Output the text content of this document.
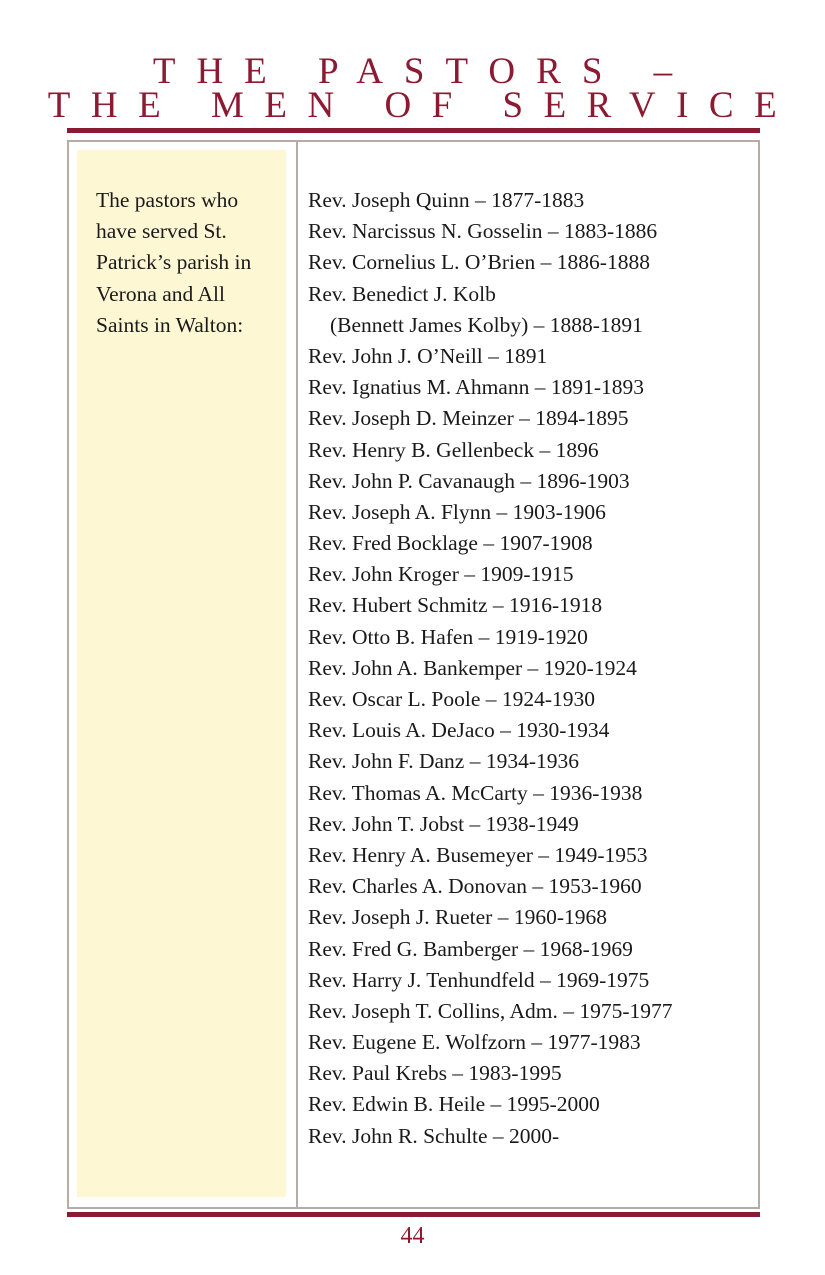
THE PASTORS –
THE MEN OF SERVICE
The pastors who have served St. Patrick’s parish in Verona and All Saints in Walton:
Rev. Joseph Quinn – 1877-1883
Rev. Narcissus N. Gosselin – 1883-1886
Rev. Cornelius L. O’Brien – 1886-1888
Rev. Benedict J. Kolb
(Bennett James Kolby) – 1888-1891
Rev. John J. O’Neill – 1891
Rev. Ignatius M. Ahmann – 1891-1893
Rev. Joseph D. Meinzer – 1894-1895
Rev. Henry B. Gellenbeck – 1896
Rev. John P. Cavanaugh – 1896-1903
Rev. Joseph A. Flynn – 1903-1906
Rev. Fred Bocklage – 1907-1908
Rev. John Kroger – 1909-1915
Rev. Hubert Schmitz – 1916-1918
Rev. Otto B. Hafen – 1919-1920
Rev. John A. Bankemper – 1920-1924
Rev. Oscar L. Poole – 1924-1930
Rev. Louis A. DeJaco – 1930-1934
Rev. John F. Danz – 1934-1936
Rev. Thomas A. McCarty – 1936-1938
Rev. John T. Jobst – 1938-1949
Rev. Henry A. Busemeyer – 1949-1953
Rev. Charles A. Donovan – 1953-1960
Rev. Joseph J. Rueter – 1960-1968
Rev. Fred G. Bamberger – 1968-1969
Rev. Harry J. Tenhundfeld – 1969-1975
Rev. Joseph T. Collins, Adm. – 1975-1977
Rev. Eugene E. Wolfzorn – 1977-1983
Rev. Paul Krebs – 1983-1995
Rev. Edwin B. Heile – 1995-2000
Rev. John R. Schulte – 2000-
44
